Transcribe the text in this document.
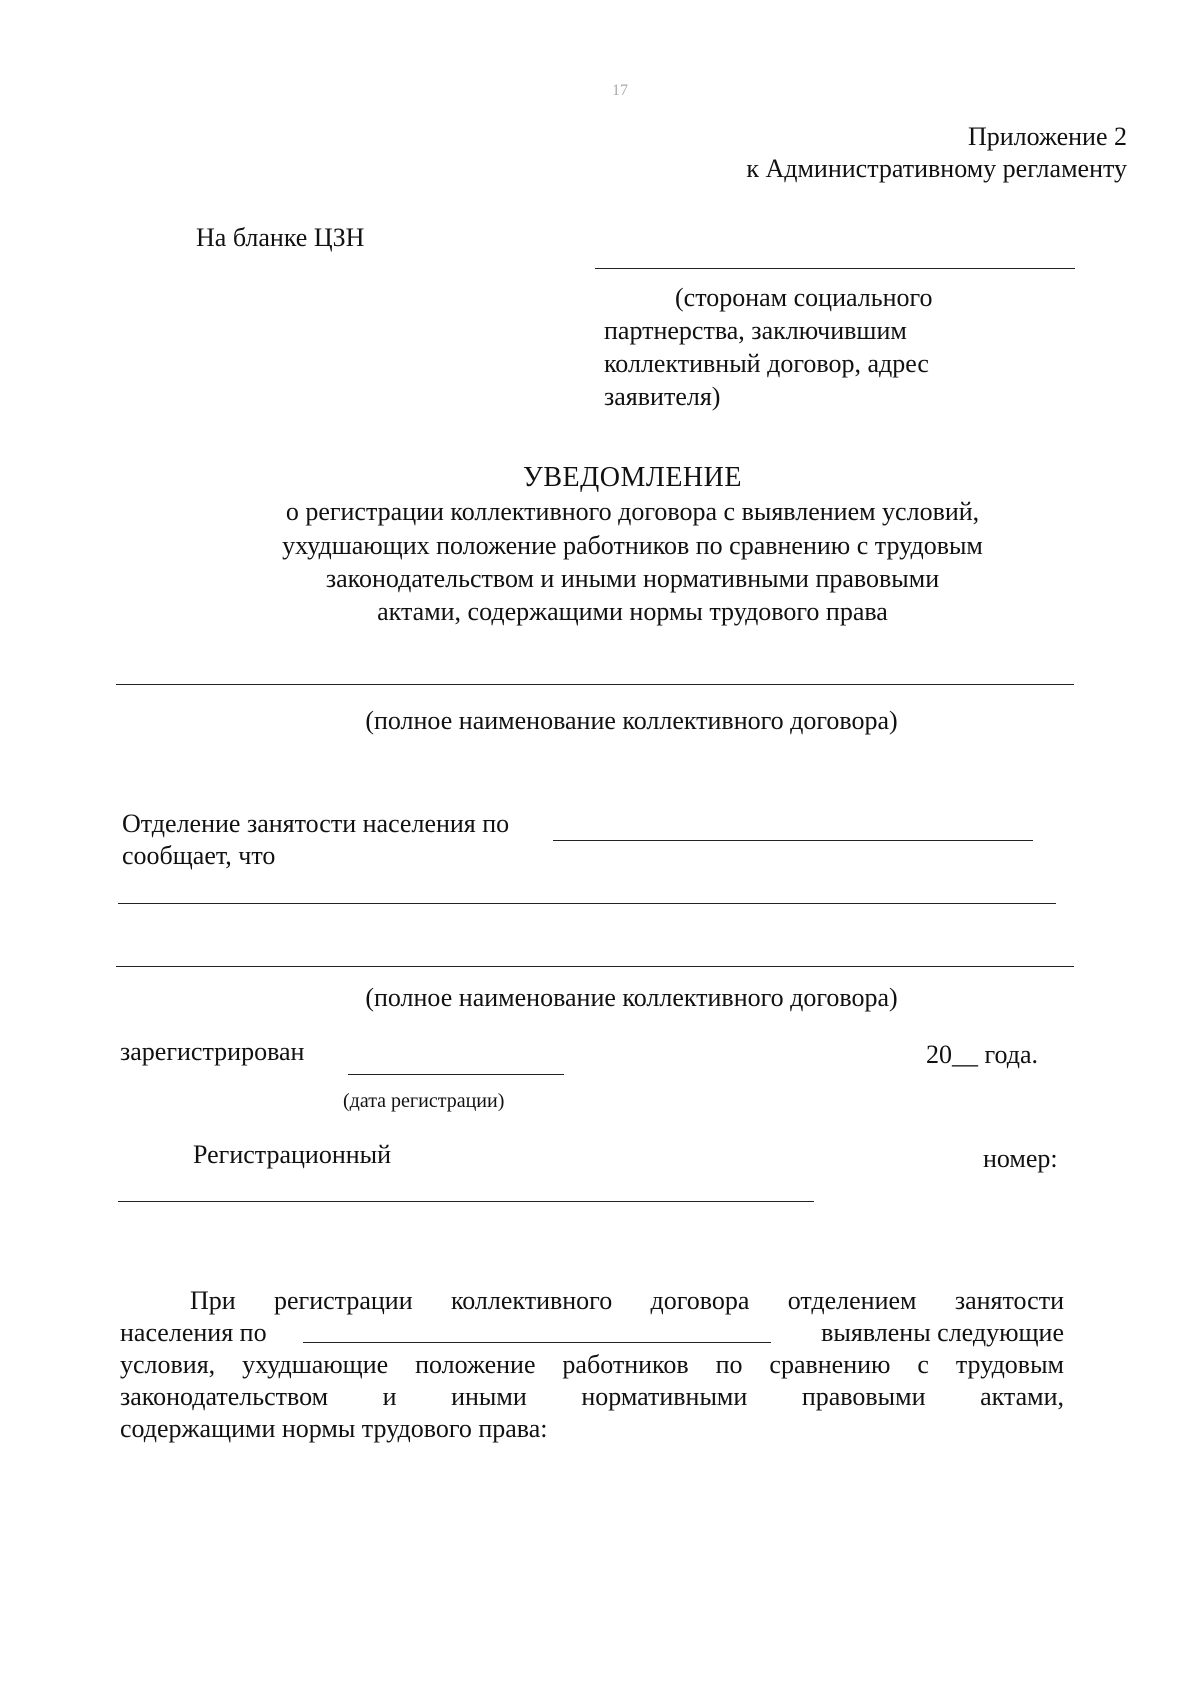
17
Приложение 2
к Административному регламенту
На бланке ЦЗН
(сторонам социального
партнерства, заключившим
коллективный договор, адрес
заявителя)
УВЕДОМЛЕНИЕ
о регистрации коллективного договора с выявлением условий,
ухудшающих положение работников по сравнению с трудовым
законодательством и иными нормативными правовыми
актами, содержащими нормы трудового права
(полное наименование коллективного договора)
Отделение занятости населения по
сообщает, что
(полное наименование коллективного договора)
зарегистрирован	20__ года.
(дата регистрации)
Регистрационный	номер:
При регистрации коллективного договора отделением занятости
населения по	выявлены следующие
условия, ухудшающие положение работников по сравнению с трудовым
законодательством и иными нормативными правовыми актами,
содержащими нормы трудового права:
